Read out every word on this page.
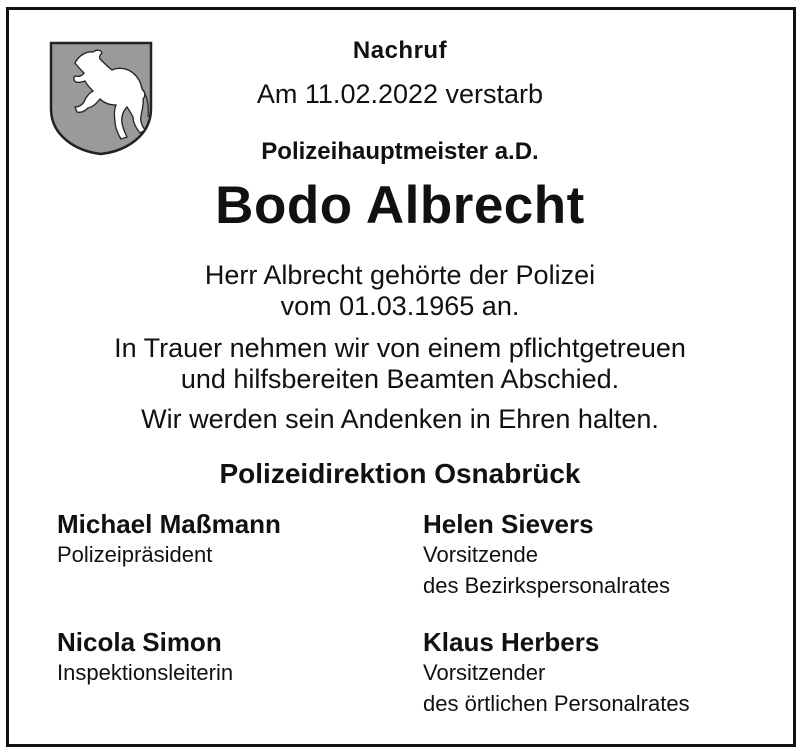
Nachruf
Am 11.02.2022 verstarb
Polizeihauptmeister a.D.
Bodo Albrecht
Herr Albrecht gehörte der Polizei
vom 01.03.1965 an.
In Trauer nehmen wir von einem pflichtgetreuen
und hilfsbereiten Beamten Abschied.
Wir werden sein Andenken in Ehren halten.
Polizeidirektion Osnabrück
Michael Maßmann
Polizeipräsident
Helen Sievers
Vorsitzende
des Bezirkspersonalrates
Nicola Simon
Inspektionsleiterin
Klaus Herbers
Vorsitzender
des örtlichen Personalrates
